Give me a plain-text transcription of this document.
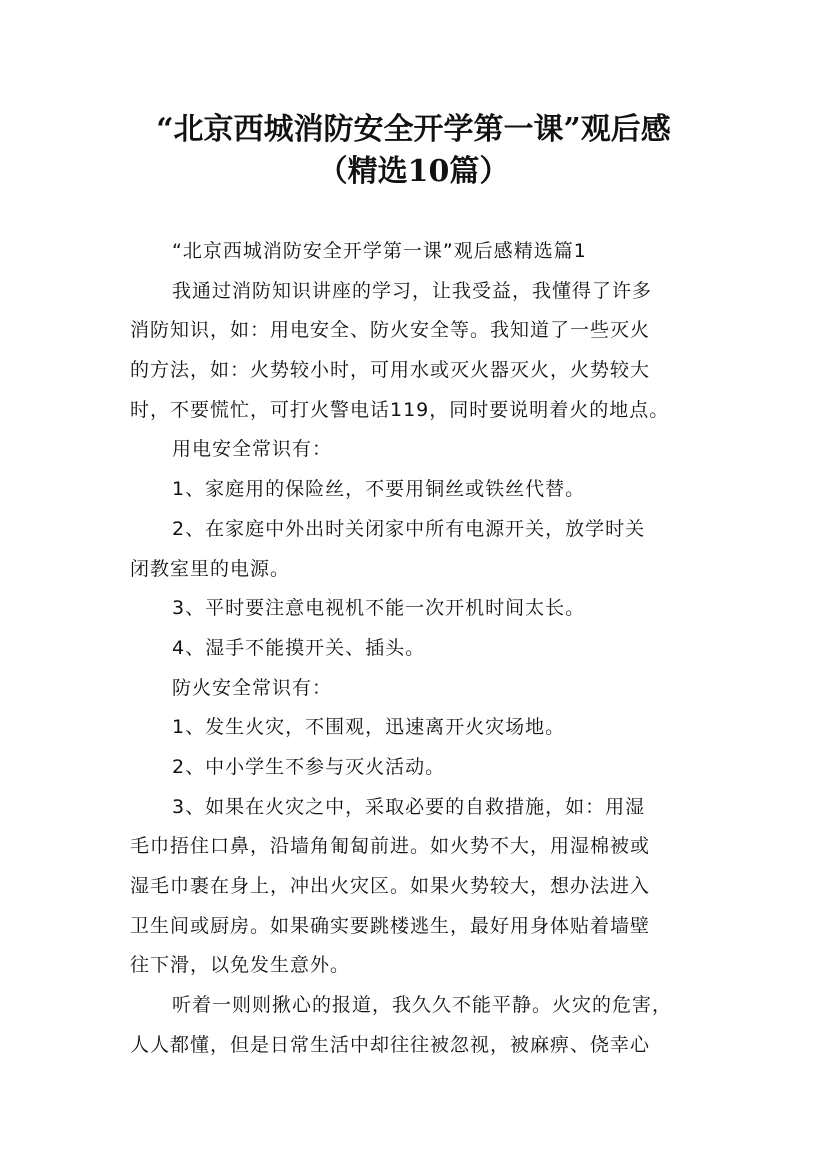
“北京西城消防安全开学第一课”观后感
（精选10篇）
“北京西城消防安全开学第一课”观后感精选篇1
我通过消防知识讲座的学习，让我受益，我懂得了许多
消防知识，如：用电安全、防火安全等。我知道了一些灭火
的方法，如：火势较小时，可用水或灭火器灭火，火势较大
时，不要慌忙，可打火警电话119，同时要说明着火的地点。
用电安全常识有：
1、家庭用的保险丝，不要用铜丝或铁丝代替。
2、在家庭中外出时关闭家中所有电源开关，放学时关
闭教室里的电源。
3、平时要注意电视机不能一次开机时间太长。
4、湿手不能摸开关、插头。
防火安全常识有：
1、发生火灾，不围观，迅速离开火灾场地。
2、中小学生不参与灭火活动。
3、如果在火灾之中，采取必要的自救措施，如：用湿
毛巾捂住口鼻，沿墙角匍匐前进。如火势不大，用湿棉被或
湿毛巾裹在身上，冲出火灾区。如果火势较大，想办法进入
卫生间或厨房。如果确实要跳楼逃生，最好用身体贴着墙壁
往下滑，以免发生意外。
听着一则则揪心的报道，我久久不能平静。火灾的危害，
人人都懂，但是日常生活中却往往被忽视，被麻痹、侥幸心
